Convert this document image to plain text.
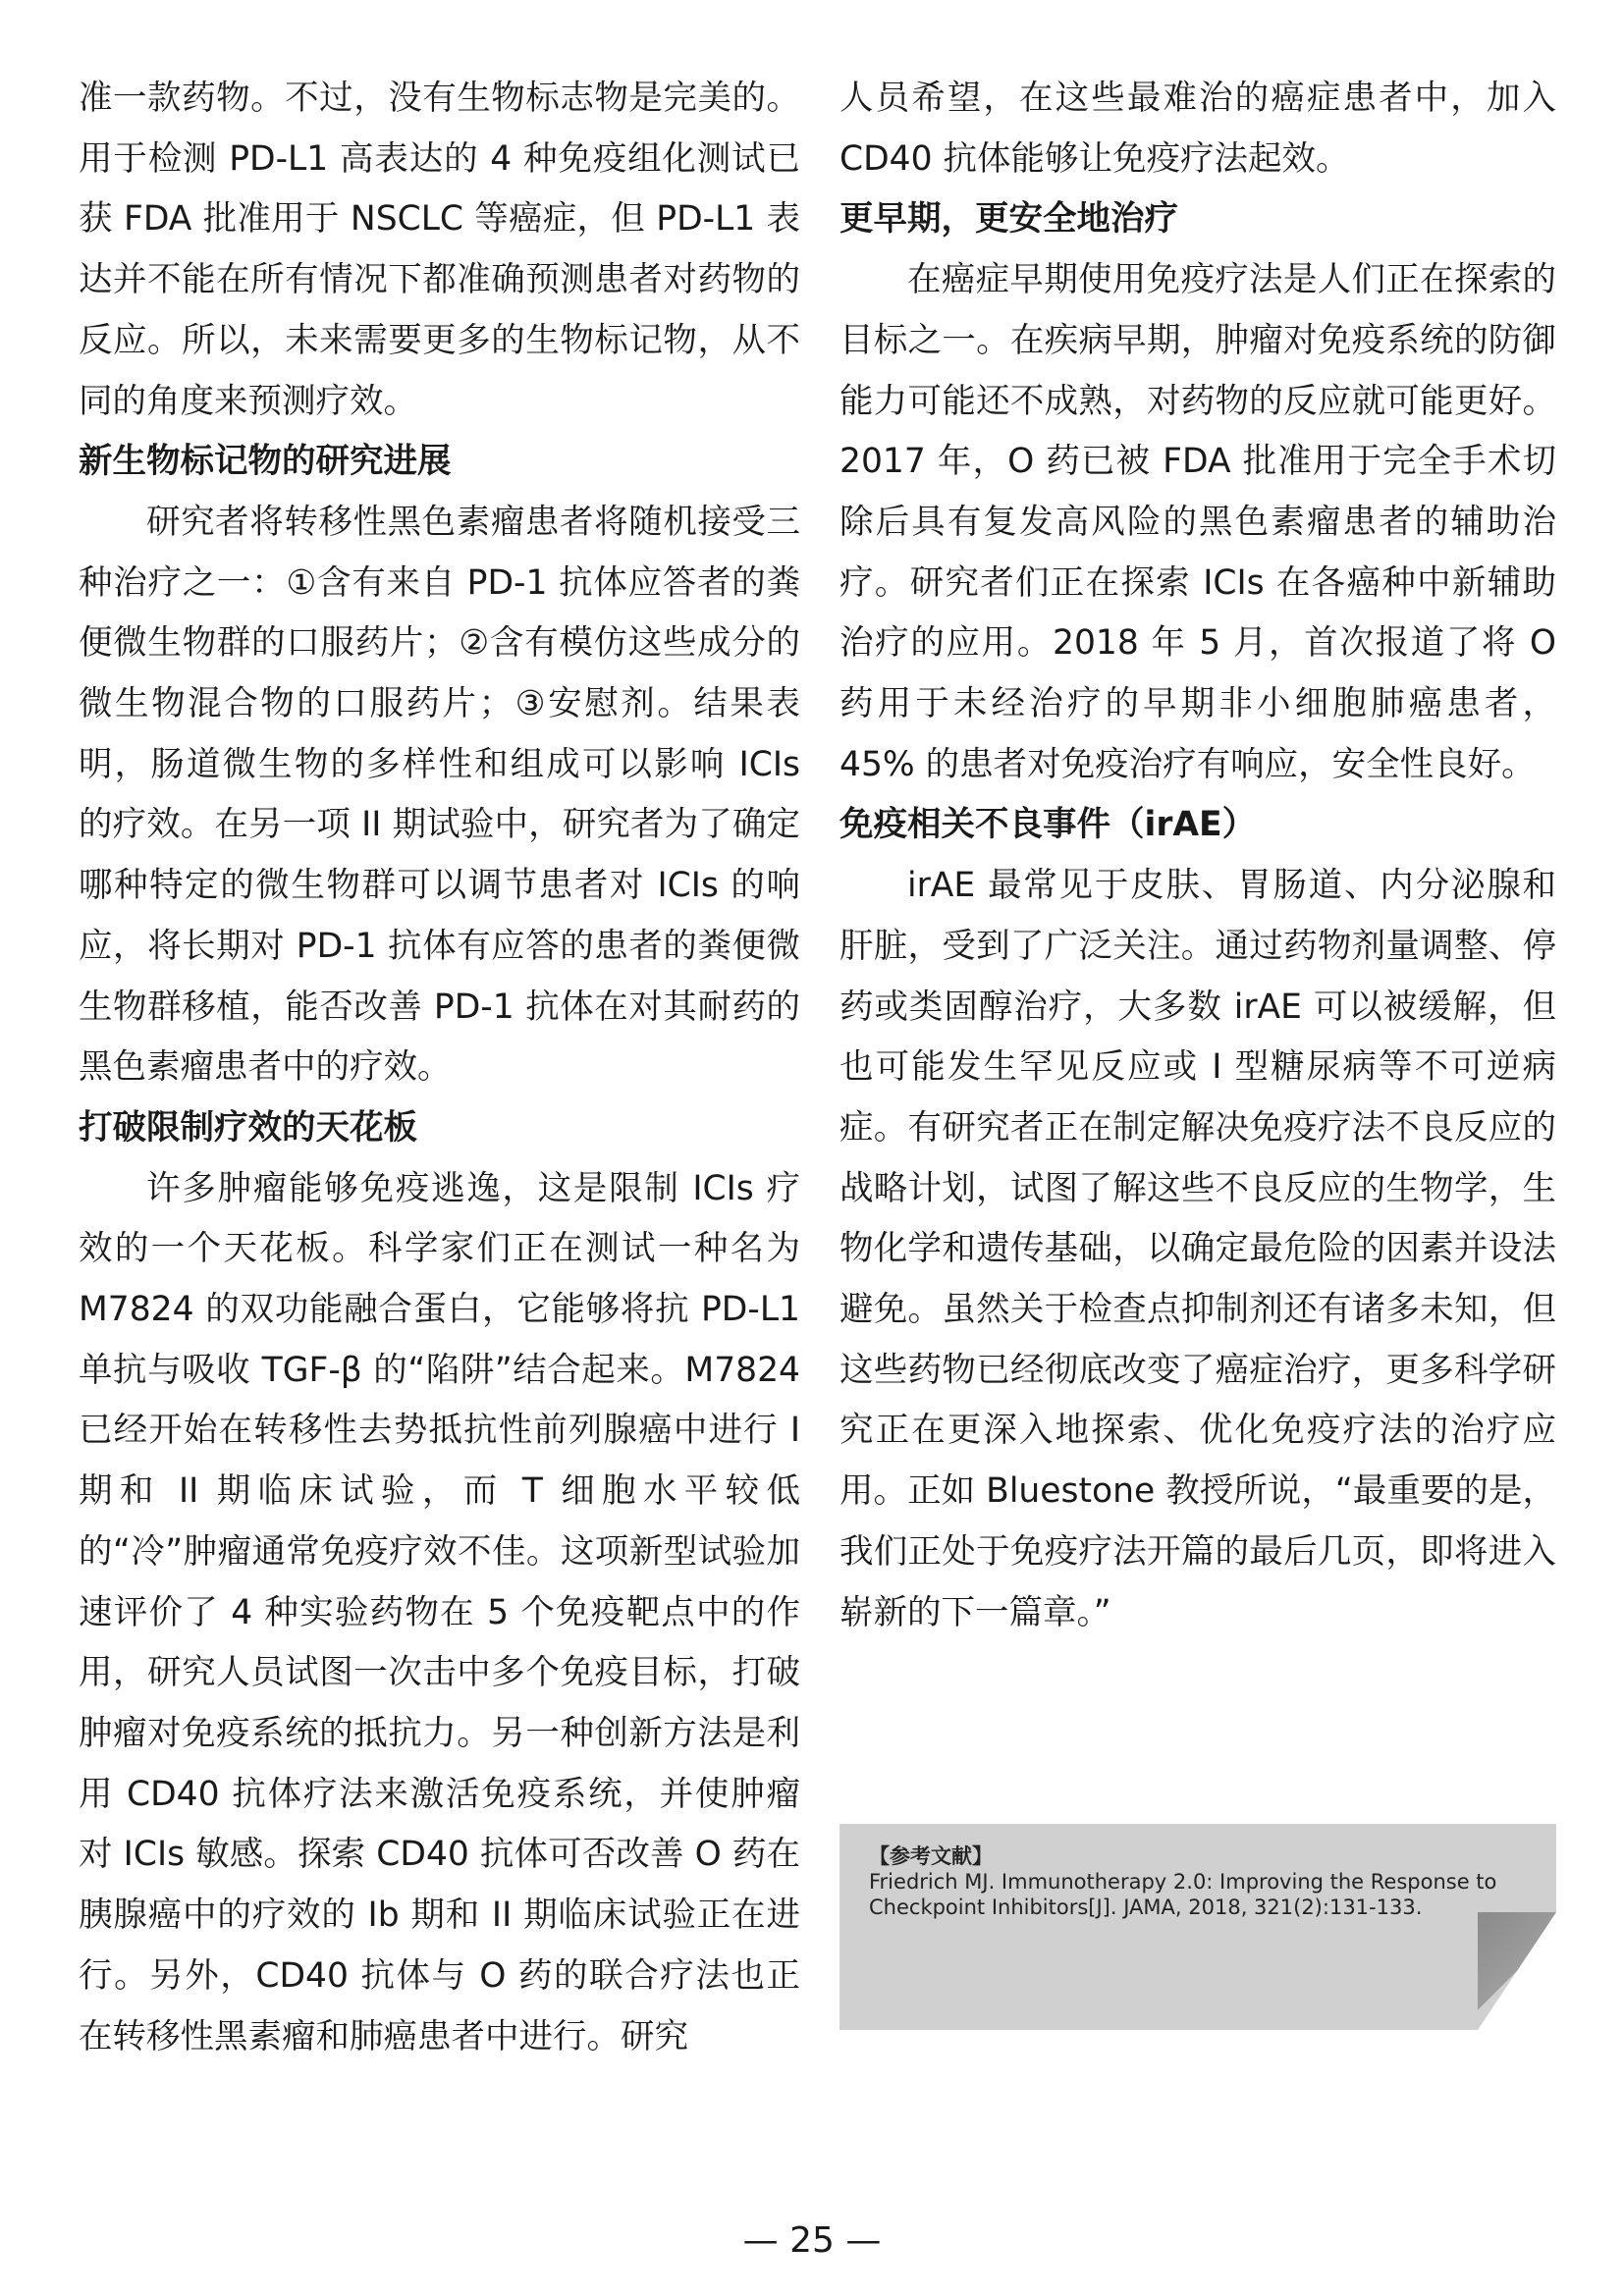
准一款药物。不过，没有生物标志物是完美的。用于检测 PD-L1 高表达的 4 种免疫组化测试已获 FDA 批准用于 NSCLC 等癌症，但 PD-L1 表达并不能在所有情况下都准确预测患者对药物的反应。所以，未来需要更多的生物标记物，从不同的角度来预测疗效。

新生物标记物的研究进展

研究者将转移性黑色素瘤患者将随机接受三种治疗之一：①含有来自 PD-1 抗体应答者的粪便微生物群的口服药片；②含有模仿这些成分的微生物混合物的口服药片；③安慰剂。结果表明，肠道微生物的多样性和组成可以影响 ICIs 的疗效。在另一项 II 期试验中，研究者为了确定哪种特定的微生物群可以调节患者对 ICIs 的响应，将长期对 PD-1 抗体有应答的患者的粪便微生物群移植，能否改善 PD-1 抗体在对其耐药的黑色素瘤患者中的疗效。

打破限制疗效的天花板

许多肿瘤能够免疫逃逸，这是限制 ICIs 疗效的一个天花板。科学家们正在测试一种名为 M7824 的双功能融合蛋白，它能够将抗 PD-L1 单抗与吸收 TGF-β 的“陷阱”结合起来。M7824 已经开始在转移性去势抵抗性前列腺癌中进行 I 期和 II 期临床试验，而 T 细胞水平较低的“冷”肿瘤通常免疫疗效不佳。这项新型试验加速评价了 4 种实验药物在 5 个免疫靶点中的作用，研究人员试图一次击中多个免疫目标，打破肿瘤对免疫系统的抵抗力。另一种创新方法是利用 CD40 抗体疗法来激活免疫系统，并使肿瘤对 ICIs 敏感。探索 CD40 抗体可否改善 O 药在胰腺癌中的疗效的 Ib 期和 II 期临床试验正在进行。另外，CD40 抗体与 O 药的联合疗法也正在转移性黑素瘤和肺癌患者中进行。研究

人员希望，在这些最难治的癌症患者中，加入 CD40 抗体能够让免疫疗法起效。

更早期，更安全地治疗

在癌症早期使用免疫疗法是人们正在探索的目标之一。在疾病早期，肿瘤对免疫系统的防御能力可能还不成熟，对药物的反应就可能更好。2017 年，O 药已被 FDA 批准用于完全手术切除后具有复发高风险的黑色素瘤患者的辅助治疗。研究者们正在探索 ICIs 在各癌种中新辅助治疗的应用。2018 年 5 月，首次报道了将 O 药用于未经治疗的早期非小细胞肺癌患者，45% 的患者对免疫治疗有响应，安全性良好。

免疫相关不良事件（irAE）

irAE 最常见于皮肤、胃肠道、内分泌腺和肝脏，受到了广泛关注。通过药物剂量调整、停药或类固醇治疗，大多数 irAE 可以被缓解，但也可能发生罕见反应或 I 型糖尿病等不可逆病症。有研究者正在制定解决免疫疗法不良反应的战略计划，试图了解这些不良反应的生物学，生物化学和遗传基础，以确定最危险的因素并设法避免。虽然关于检查点抑制剂还有诸多未知，但这些药物已经彻底改变了癌症治疗，更多科学研究正在更深入地探索、优化免疫疗法的治疗应用。正如 Bluestone 教授所说，“最重要的是，我们正处于免疫疗法开篇的最后几页，即将进入崭新的下一篇章。”

【参考文献】
Friedrich MJ. Immunotherapy 2.0: Improving the Response to
Checkpoint Inhibitors[J]. JAMA, 2018, 321(2):131-133.
— 25 —
